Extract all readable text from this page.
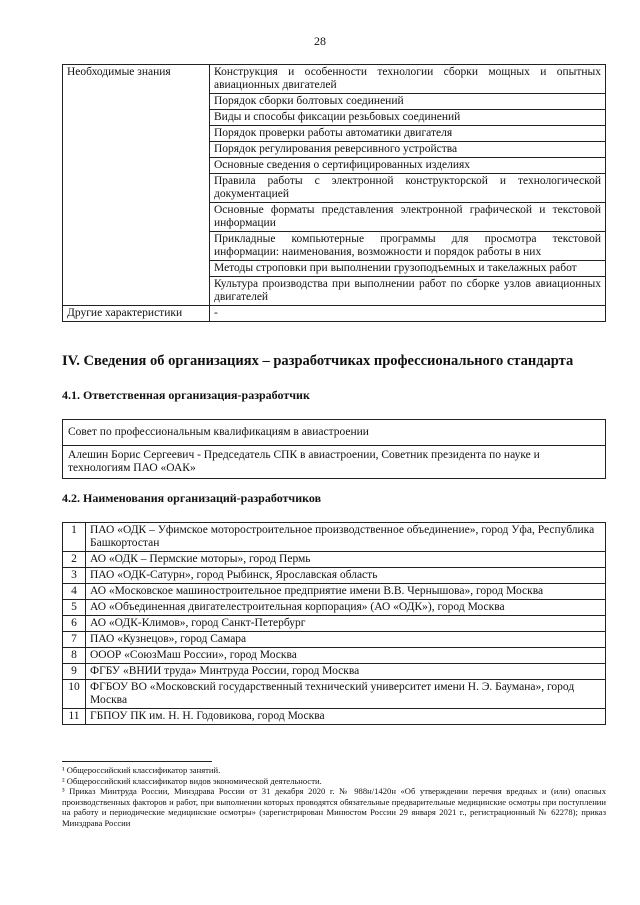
28
Необходимые знания	Конструкция и особенности технологии сборки мощных и опытных авиационных двигателей
	Порядок сборки болтовых соединений
	Виды и способы фиксации резьбовых соединений
	Порядок проверки работы автоматики двигателя
	Порядок регулирования реверсивного устройства
	Основные сведения о сертифицированных изделиях
	Правила работы с электронной конструкторской и технологической документацией
	Основные форматы представления электронной графической и текстовой информации
	Прикладные компьютерные программы для просмотра текстовой информации: наименования, возможности и порядок работы в них
	Методы строповки при выполнении грузоподъемных и такелажных работ
	Культура производства при выполнении работ по сборке узлов авиационных двигателей
Другие характеристики	-
IV. Сведения об организациях – разработчиках профессионального стандарта
4.1. Ответственная организация-разработчик
Совет по профессиональным квалификациям в авиастроении
Алешин Борис Сергеевич - Председатель СПК в авиастроении, Советник президента по науке и технологиям ПАО «ОАК»
4.2. Наименования организаций-разработчиков
1	ПАО «ОДК – Уфимское моторостроительное производственное объединение», город Уфа, Республика Башкортостан
2	АО «ОДК – Пермские моторы», город Пермь
3	ПАО «ОДК-Сатурн», город Рыбинск, Ярославская область
4	АО «Московское машиностроительное предприятие имени В.В. Чернышова», город Москва
5	АО «Объединенная двигателестроительная корпорация» (АО «ОДК»), город Москва
6	АО «ОДК-Климов», город Санкт-Петербург
7	ПАО «Кузнецов», город Самара
8	ОООР «СоюзМаш России», город Москва
9	ФГБУ «ВНИИ труда» Минтруда России, город Москва
10	ФГБОУ ВО «Московский государственный технический университет имени Н. Э. Баумана», город Москва
11	ГБПОУ ПК им. Н. Н. Годовикова, город Москва

¹ Общероссийский классификатор занятий.

² Общероссийский классификатор видов экономической деятельности.

³ Приказ Минтруда России, Минздрава России от 31 декабря 2020 г. № 988н/1420н «Об утверждении перечня вредных и (или) опасных производственных факторов и работ, при выполнении которых проводятся обязательные предварительные медицинские осмотры при поступлении на работу и периодические медицинские осмотры» (зарегистрирован Минюстом России 29 января 2021 г., регистрационный № 62278); приказ Минздрава России
